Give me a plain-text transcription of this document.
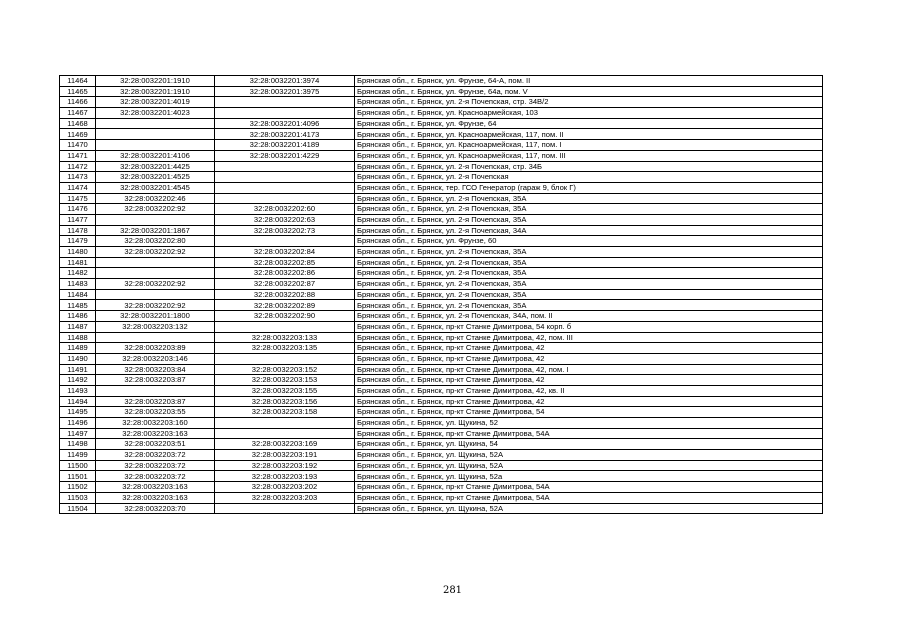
11464	32:28:0032201:1910	32:28:0032201:3974	Брянская обл., г. Брянск, ул. Фрунзе, 64-А, пом. II
11465	32:28:0032201:1910	32:28:0032201:3975	Брянская обл., г. Брянск, ул. Фрунзе, 64а, пом. V
11466	32:28:0032201:4019		Брянская обл., г. Брянск, ул. 2-я Почепская, стр. 34В/2
11467	32:28:0032201:4023		Брянская обл., г. Брянск, ул. Красноармейская, 103
11468		32:28:0032201:4096	Брянская обл., г. Брянск, ул. Фрунзе, 64
11469		32:28:0032201:4173	Брянская обл., г. Брянск, ул. Красноармейская, 117, пом. II
11470		32:28:0032201:4189	Брянская обл., г. Брянск, ул. Красноармейская, 117, пом. I
11471	32:28:0032201:4106	32:28:0032201:4229	Брянская обл., г. Брянск, ул. Красноармейская, 117, пом. III
11472	32:28:0032201:4425		Брянская обл., г. Брянск, ул. 2-я Почепская, стр. 34Б
11473	32:28:0032201:4525		Брянская обл., г. Брянск, ул. 2-я Почепская
11474	32:28:0032201:4545		Брянская обл., г. Брянск, тер. ГСО Генератор (гараж 9, блок Г)
11475	32:28:0032202:46		Брянская обл., г. Брянск, ул. 2-я Почепская, 35А
11476	32:28:0032202:92	32:28:0032202:60	Брянская обл., г. Брянск, ул. 2-я Почепская, 35А
11477		32:28:0032202:63	Брянская обл., г. Брянск, ул. 2-я Почепская, 35А
11478	32:28:0032201:1867	32:28:0032202:73	Брянская обл., г. Брянск, ул. 2-я Почепская, 34А
11479	32:28:0032202:80		Брянская обл., г. Брянск, ул. Фрунзе, 60
11480	32:28:0032202:92	32:28:0032202:84	Брянская обл., г. Брянск, ул. 2-я Почепская, 35А
11481		32:28:0032202:85	Брянская обл., г. Брянск, ул. 2-я Почепская, 35А
11482		32:28:0032202:86	Брянская обл., г. Брянск, ул. 2-я Почепская, 35А
11483	32:28:0032202:92	32:28:0032202:87	Брянская обл., г. Брянск, ул. 2-я Почепская, 35А
11484		32:28:0032202:88	Брянская обл., г. Брянск, ул. 2-я Почепская, 35А
11485	32:28:0032202:92	32:28:0032202:89	Брянская обл., г. Брянск, ул. 2-я Почепская, 35А
11486	32:28:0032201:1800	32:28:0032202:90	Брянская обл., г. Брянск, ул. 2-я Почепская, 34А, пом. II
11487	32:28:0032203:132		Брянская обл., г. Брянск, пр-кт Станке Димитрова, 54 корп. б
11488		32:28:0032203:133	Брянская обл., г. Брянск, пр-кт Станке Димитрова, 42, пом. III
11489	32:28:0032203:89	32:28:0032203:135	Брянская обл., г. Брянск, пр-кт Станке Димитрова, 42
11490	32:28:0032203:146		Брянская обл., г. Брянск, пр-кт Станке Димитрова, 42
11491	32:28:0032203:84	32:28:0032203:152	Брянская обл., г. Брянск, пр-кт Станке Димитрова, 42, пом. I
11492	32:28:0032203:87	32:28:0032203:153	Брянская обл., г. Брянск, пр-кт Станке Димитрова, 42
11493		32:28:0032203:155	Брянская обл., г. Брянск, пр-кт Станке Димитрова, 42, кв. II
11494	32:28:0032203:87	32:28:0032203:156	Брянская обл., г. Брянск, пр-кт Станке Димитрова, 42
11495	32:28:0032203:55	32:28:0032203:158	Брянская обл., г. Брянск, пр-кт Станке Димитрова, 54
11496	32:28:0032203:160		Брянская обл., г. Брянск, ул. Щукина, 52
11497	32:28:0032203:163		Брянская обл., г. Брянск, пр-кт Станке Димитрова, 54А
11498	32:28:0032203:51	32:28:0032203:169	Брянская обл., г. Брянск, ул. Щукина, 54
11499	32:28:0032203:72	32:28:0032203:191	Брянская обл., г. Брянск, ул. Щукина, 52А
11500	32:28:0032203:72	32:28:0032203:192	Брянская обл., г. Брянск, ул. Щукина, 52А
11501	32:28:0032203:72	32:28:0032203:193	Брянская обл., г. Брянск, ул. Щукина, 52а
11502	32:28:0032203:163	32:28:0032203:202	Брянская обл., г. Брянск, пр-кт Станке Димитрова, 54А
11503	32:28:0032203:163	32:28:0032203:203	Брянская обл., г. Брянск, пр-кт Станке Димитрова, 54А
11504	32:28:0032203:70		Брянская обл., г. Брянск, ул. Щукина, 52А
281
